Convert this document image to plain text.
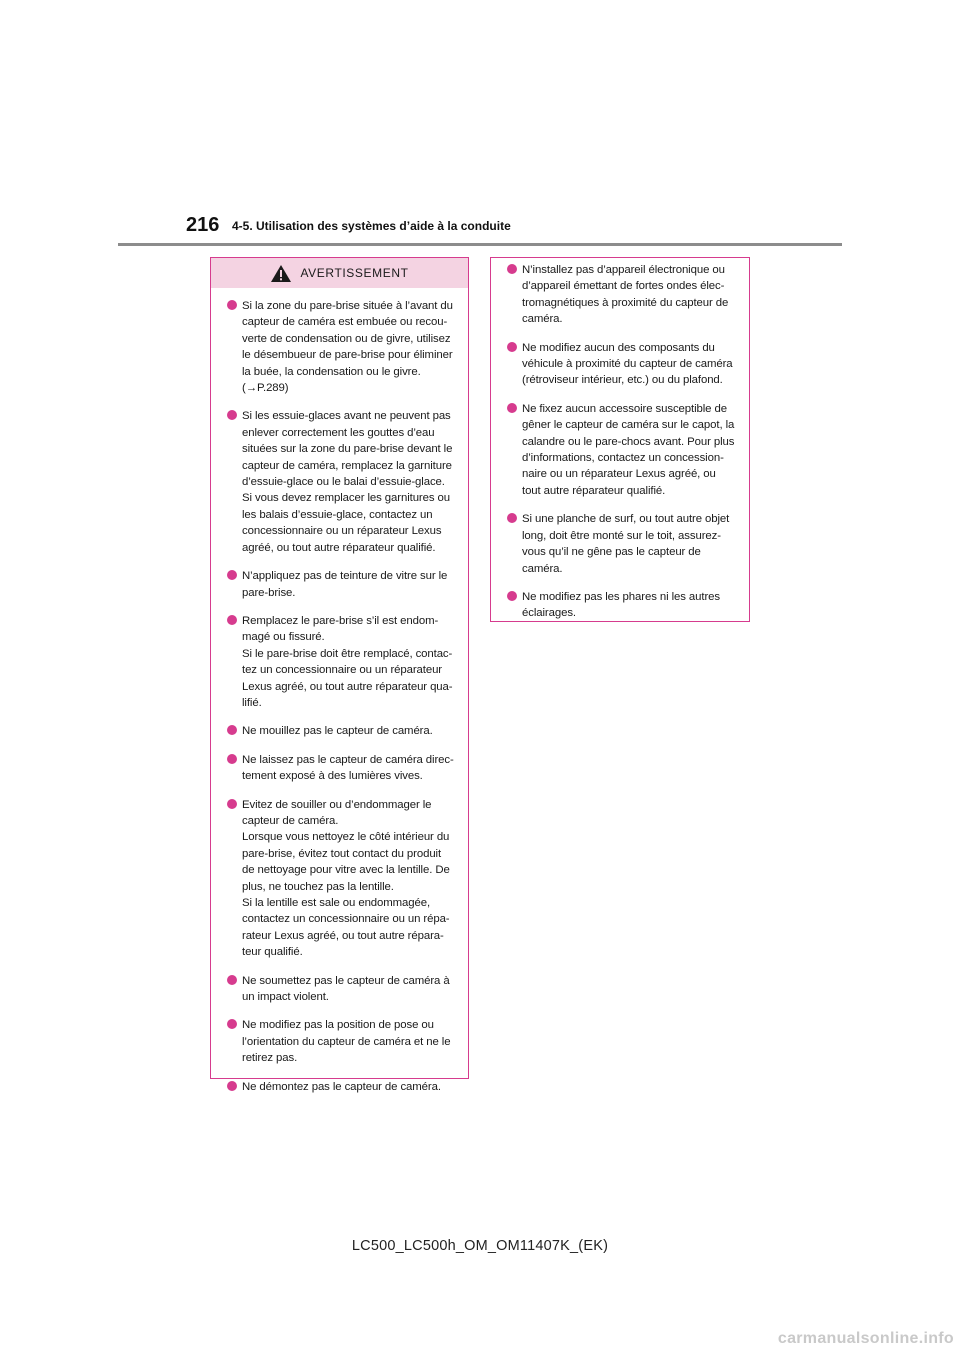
216 4-5. Utilisation des systèmes d’aide à la conduite
AVERTISSEMENT
Si la zone du pare-brise située à l’avant du
capteur de caméra est embuée ou recou-
verte de condensation ou de givre, utilisez
le désembueur de pare-brise pour éliminer
la buée, la condensation ou le givre.
(→P.289)
Si les essuie-glaces avant ne peuvent pas
enlever correctement les gouttes d’eau
situées sur la zone du pare-brise devant le
capteur de caméra, remplacez la garniture
d’essuie-glace ou le balai d’essuie-glace.
Si vous devez remplacer les garnitures ou
les balais d’essuie-glace, contactez un
concessionnaire ou un réparateur Lexus
agréé, ou tout autre réparateur qualifié.
N’appliquez pas de teinture de vitre sur le
pare-brise.
Remplacez le pare-brise s’il est endom-
magé ou fissuré.
Si le pare-brise doit être remplacé, contac-
tez un concessionnaire ou un réparateur
Lexus agréé, ou tout autre réparateur qua-
lifié.
Ne mouillez pas le capteur de caméra.
Ne laissez pas le capteur de caméra direc-
tement exposé à des lumières vives.
Evitez de souiller ou d’endommager le
capteur de caméra.
Lorsque vous nettoyez le côté intérieur du
pare-brise, évitez tout contact du produit
de nettoyage pour vitre avec la lentille. De
plus, ne touchez pas la lentille.
Si la lentille est sale ou endommagée,
contactez un concessionnaire ou un répa-
rateur Lexus agréé, ou tout autre répara-
teur qualifié.
Ne soumettez pas le capteur de caméra à
un impact violent.
Ne modifiez pas la position de pose ou
l’orientation du capteur de caméra et ne le
retirez pas.
Ne démontez pas le capteur de caméra.
N’installez pas d’appareil électronique ou
d’appareil émettant de fortes ondes élec-
tromagnétiques à proximité du capteur de
caméra.
Ne modifiez aucun des composants du
véhicule à proximité du capteur de caméra
(rétroviseur intérieur, etc.) ou du plafond.
Ne fixez aucun accessoire susceptible de
gêner le capteur de caméra sur le capot, la
calandre ou le pare-chocs avant. Pour plus
d’informations, contactez un concession-
naire ou un réparateur Lexus agréé, ou
tout autre réparateur qualifié.
Si une planche de surf, ou tout autre objet
long, doit être monté sur le toit, assurez-
vous qu’il ne gêne pas le capteur de
caméra.
Ne modifiez pas les phares ni les autres
éclairages.
LC500_LC500h_OM_OM11407K_(EK)
carmanualsonline.info
